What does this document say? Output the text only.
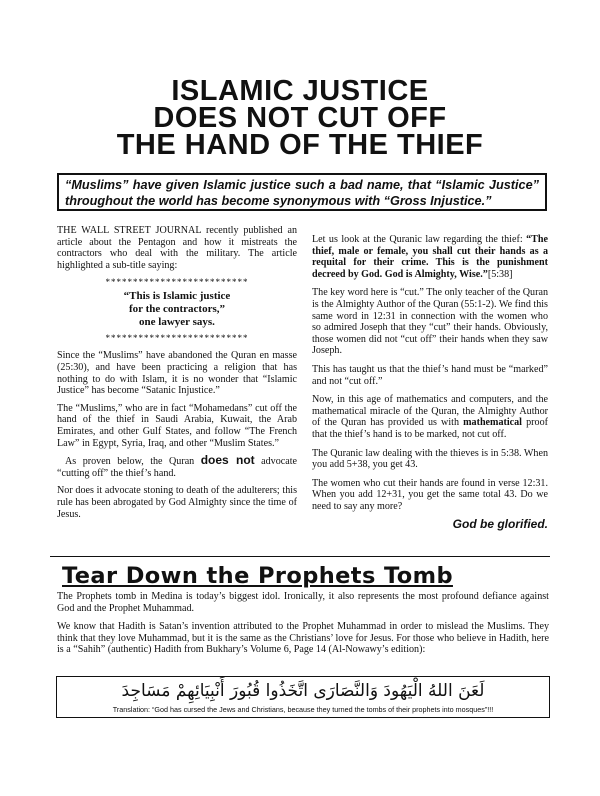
ISLAMIC JUSTICE
DOES NOT CUT OFF
THE HAND OF THE THIEF
“Muslims” have given Islamic justice such a bad name, that “Islamic Justice” throughout the world has become synonymous with “Gross Injustice.”

THE WALL STREET JOURNAL recently published an article about the Pentagon and how it mistreats the contractors who deal with the military. The article highlighted a sub-title saying:

**************************
“This is Islamic justice
for the contractors,”
one lawyer says.
**************************

Since the “Muslims” have abandoned the Quran en masse (25:30), and have been practicing a religion that has nothing to do with Islam, it is no wonder that “Islamic Justice” has become “Satanic Injustice.”

The “Muslims,” who are in fact “Mohamedans” cut off the hand of the thief in Saudi Arabia, Kuwait, the Arab Emirates, and other Gulf States, and follow “The French Law” in Egypt, Syria, Iraq, and other “Muslim States.”

As proven below, the Quran does not advocate “cutting off” the thief’s hand.

Nor does it advocate stoning to death of the adulterers; this rule has been abrogated by God Almighty since the time of Jesus.

Let us look at the Quranic law regarding the thief: “The thief, male or female, you shall cut their hands as a requital for their crime. This is the punishment decreed by God. God is Almighty, Wise.”[5:38]

The key word here is “cut.” The only teacher of the Quran is the Almighty Author of the Quran (55:1-2). We find this same word in 12:31 in connection with the women who so admired Joseph that they “cut” their hands. Obviously, those women did not “cut off” their hands when they saw Joseph.

This has taught us that the thief’s hand must be “marked” and not “cut off.”

Now, in this age of mathematics and computers, and the mathematical miracle of the Quran, the Almighty Author of the Quran has provided us with mathematical proof that the thief’s hand is to be marked, not cut off.

The Quranic law dealing with the thieves is in 5:38. When you add 5+38, you get 43.

The women who cut their hands are found in verse 12:31. When you add 12+31, you get the same total 43. Do we need to say any more?

God be glorified.
Tear Down the Prophets Tomb

The Prophets tomb in Medina is today’s biggest idol. Ironically, it also represents the most profound defiance against God and the Prophet Muhammad.

We know that Hadith is Satan’s invention attributed to the Prophet Muhammad in order to mislead the Muslims. They think that they love Muhammad, but it is the same as the Christians’ love for Jesus. For those who believe in Hadith, here is a “Sahih” (authentic) Hadith from Bukhary’s Volume 6, Page 14 (Al-Nowawy’s edition):

لَعَنَ اللهُ الْيَهُودَ وَالنَّصَارَى اتَّخَذُوا قُبُورَ أَنْبِيَائِهِمْ مَسَاجِدَ
Translation: “God has cursed the Jews and Christians, because they turned the tombs of their prophets into mosques”!!!
